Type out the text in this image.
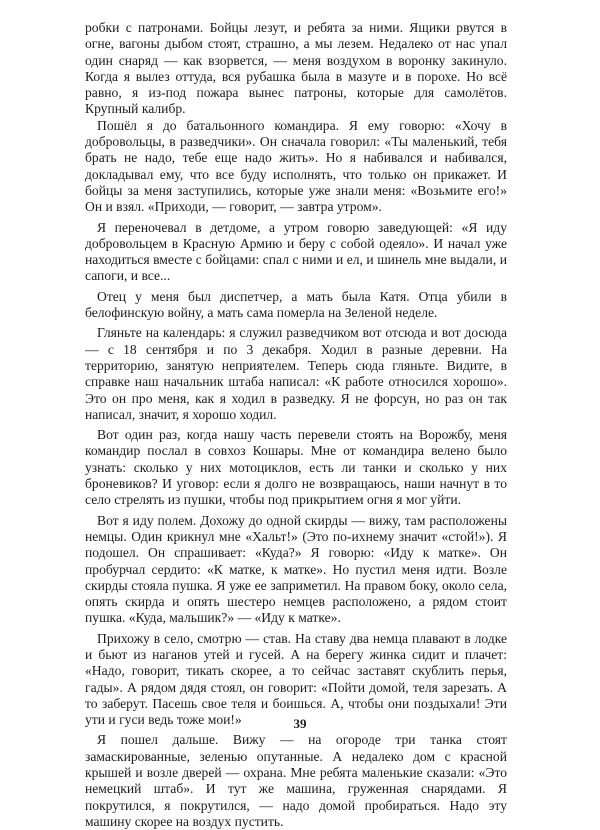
робки с патронами. Бойцы лезут, и ребята за ними. Ящики рвутся в огне, вагоны дыбом стоят, страшно, а мы лезем. Недалеко от нас упал один снаряд — как взорвется, — меня воздухом в воронку закинуло. Когда я вылез оттуда, вся рубашка была в мазуте и в порохе. Но всё равно, я из-под пожара вынес патроны, которые для самолётов. Крупный калибр.

Пошёл я до батальонного командира. Я ему говорю: «Хочу в добровольцы, в разведчики». Он сначала говорил: «Ты маленький, тебя брать не надо, тебе еще надо жить». Но я набивался и набивался, докладывал ему, что все буду исполнять, что только он прикажет. И бойцы за меня заступились, которые уже знали меня: «Возьмите его!» Он и взял. «Приходи, — говорит, — завтра утром».

Я переночевал в детдоме, а утром говорю заведующей: «Я иду добровольцем в Красную Армию и беру с собой одеяло». И начал уже находиться вместе с бойцами: спал с ними и ел, и шинель мне выдали, и сапоги, и все...

Отец у меня был диспетчер, а мать была Катя. Отца убили в белофинскую войну, а мать сама померла на Зеленой неделе.

Гляньте на календарь: я служил разведчиком вот отсюда и вот досюда — с 18 сентября и по 3 декабря. Ходил в разные деревни. На территорию, занятую неприятелем. Теперь сюда гляньте. Видите, в справке наш начальник штаба написал: «К работе относился хорошо». Это он про меня, как я ходил в разведку. Я не форсун, но раз он так написал, значит, я хорошо ходил.

Вот один раз, когда нашу часть перевели стоять на Ворожбу, меня командир послал в совхоз Кошары. Мне от командира велено было узнать: сколько у них мотоциклов, есть ли танки и сколько у них броневиков? И уговор: если я долго не возвращаюсь, наши начнут в то село стрелять из пушки, чтобы под прикрытием огня я мог уйти.

Вот я иду полем. Дохожу до одной скирды — вижу, там расположены немцы. Один крикнул мне «Хальт!» (Это по-ихнему значит «стой!»). Я подошел. Он спрашивает: «Куда?» Я говорю: «Иду к матке». Он пробурчал сердито: «К матке, к матке». Но пустил меня идти. Возле скирды стояла пушка. Я уже ее заприметил. На правом боку, около села, опять скирда и опять шестеро немцев расположено, а рядом стоит пушка. «Куда, мальшик?» — «Иду к матке».

Прихожу в село, смотрю — став. На ставу два немца плавают в лодке и бьют из наганов утей и гусей. А на берегу жинка сидит и плачет: «Надо, говорит, тикать скорее, а то сейчас заставят скублить перья, гады». А рядом дядя стоял, он говорит: «Пойти домой, теля зарезать. А то заберут. Пасешь свое теля и боишься. А, чтобы они поздыхали! Эти ути и гуси ведь тоже мои!»

Я пошел дальше. Вижу — на огороде три танка стоят замаскированные, зеленью опутанные. А недалеко дом с красной крышей и возле дверей — охрана. Мне ребята маленькие сказали: «Это немецкий штаб». И тут же машина, груженная снарядами. Я покрутился, я покрутился, — надо домой пробираться. Надо эту машину скорее на воздух пустить.

39
